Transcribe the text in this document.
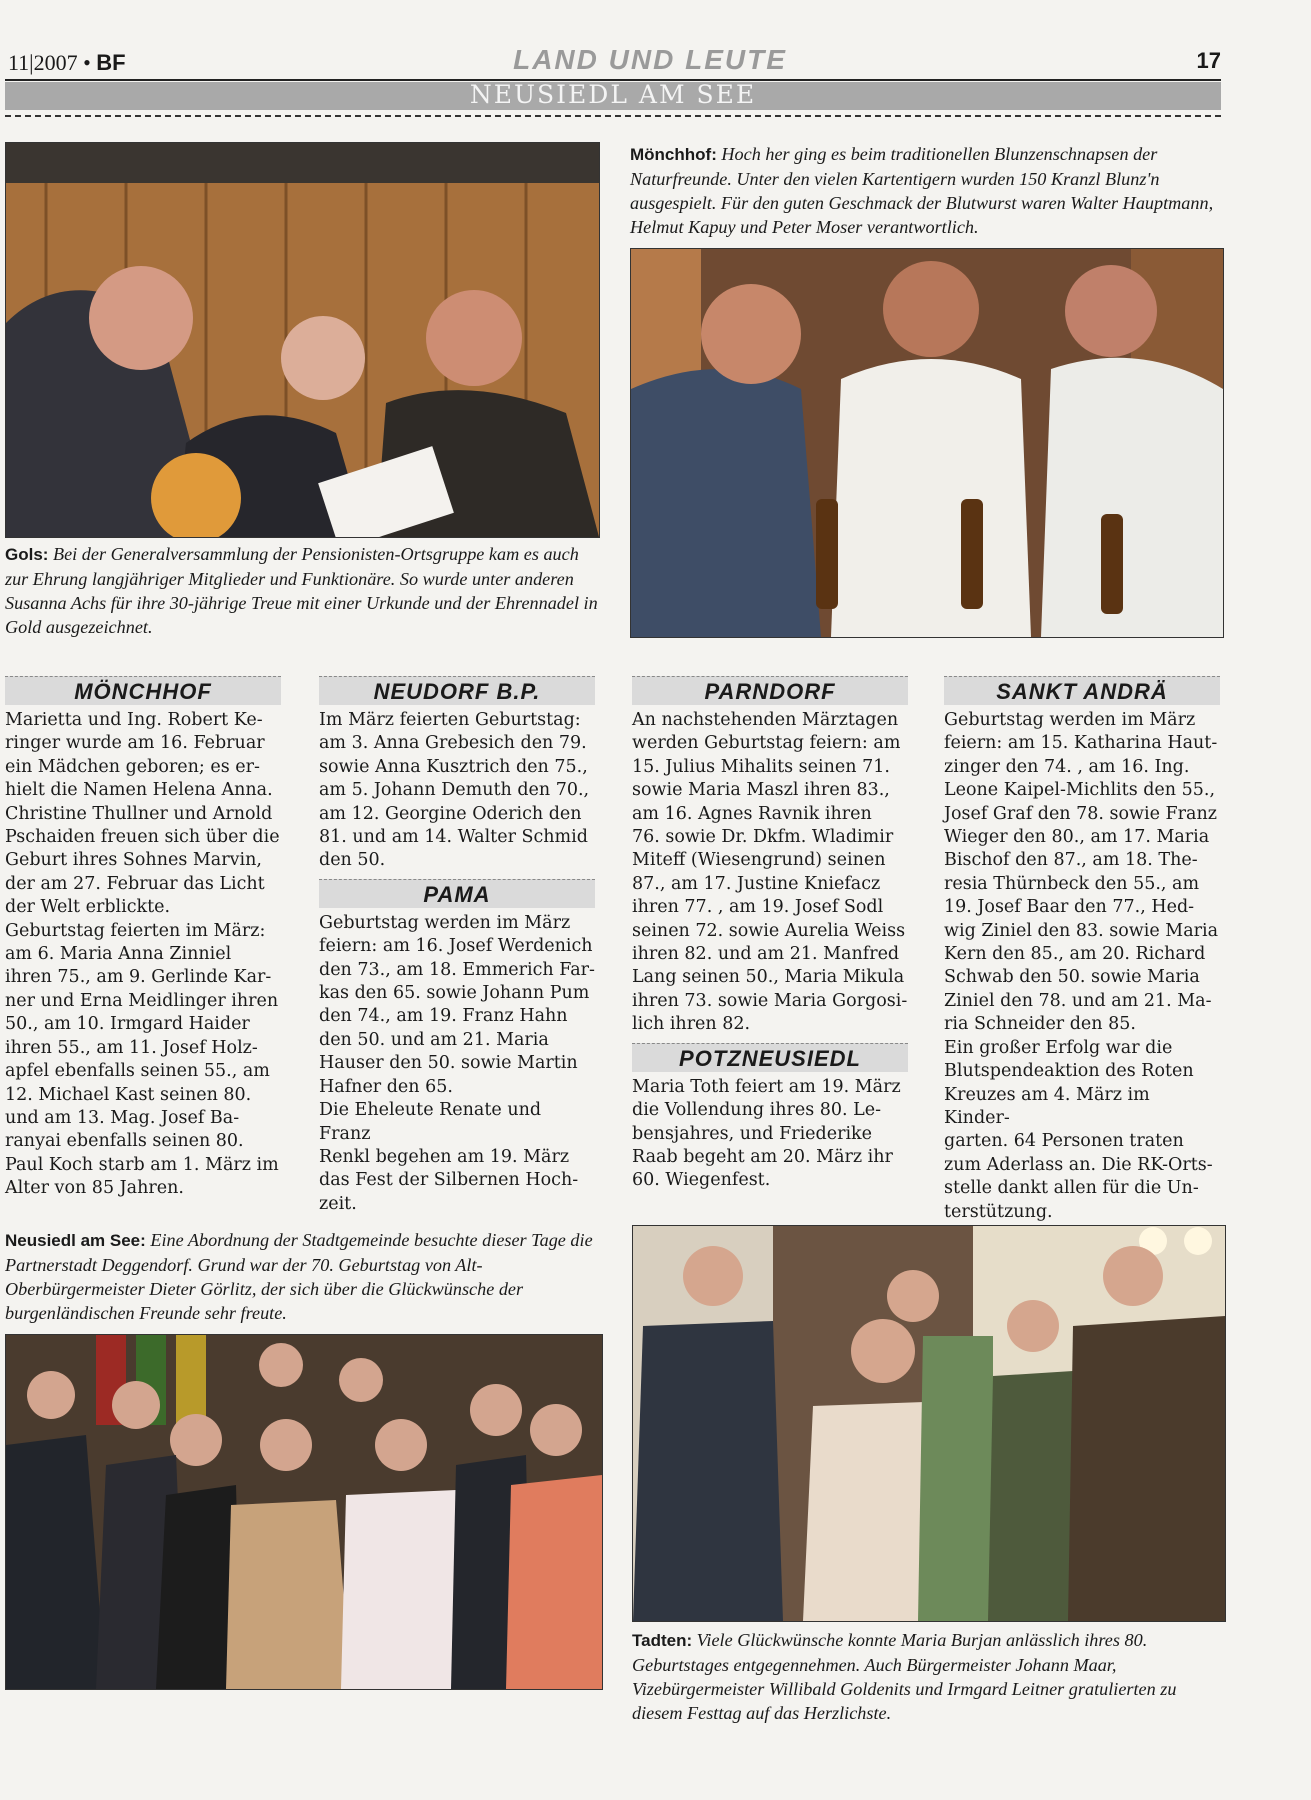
11|2007 • BF	LAND UND LEUTE	17
NEUSIEDL AM SEE
Gols: Bei der Generalversammlung der Pensionisten-Ortsgruppe kam es auch zur Ehrung langjähriger Mitglieder und Funktionäre. So wurde unter anderen Susanna Achs für ihre 30-jährige Treue mit einer Urkunde und der Ehrennadel in Gold ausgezeichnet.
Mönchhof: Hoch her ging es beim traditionellen Blunzenschnapsen der Naturfreunde. Unter den vielen Kartentigern wurden 150 Kranzl Blunz'n ausgespielt. Für den guten Geschmack der Blutwurst waren Walter Hauptmann, Helmut Kapuy und Peter Moser verantwortlich.
MÖNCHHOF
Marietta und Ing. Robert Ke-
ringer wurde am 16. Februar
ein Mädchen geboren; es er-
hielt die Namen Helena Anna.
Christine Thullner und Arnold
Pschaiden freuen sich über die
Geburt ihres Sohnes Marvin,
der am 27. Februar das Licht
der Welt erblickte.
Geburtstag feierten im März:
am 6. Maria Anna Zinniel
ihren 75., am 9. Gerlinde Kar-
ner und Erna Meidlinger ihren
50., am 10. Irmgard Haider
ihren 55., am 11. Josef Holz-
apfel ebenfalls seinen 55., am
12. Michael Kast seinen 80.
und am 13. Mag. Josef Ba-
ranyai ebenfalls seinen 80.
Paul Koch starb am 1. März im
Alter von 85 Jahren.
NEUDORF B.P.
Im März feierten Geburtstag:
am 3. Anna Grebesich den 79.
sowie Anna Kusztrich den 75.,
am 5. Johann Demuth den 70.,
am 12. Georgine Oderich den
81. und am 14. Walter Schmid
den 50.
PAMA
Geburtstag werden im März
feiern: am 16. Josef Werdenich
den 73., am 18. Emmerich Far-
kas den 65. sowie Johann Pum
den 74., am 19. Franz Hahn
den 50. und am 21. Maria
Hauser den 50. sowie Martin
Hafner den 65.
Die Eheleute Renate und Franz
Renkl begehen am 19. März
das Fest der Silbernen Hoch-
zeit.
PARNDORF
An nachstehenden Märztagen
werden Geburtstag feiern: am
15. Julius Mihalits seinen 71.
sowie Maria Maszl ihren 83.,
am 16. Agnes Ravnik ihren
76. sowie Dr. Dkfm. Wladimir
Miteff (Wiesengrund) seinen
87., am 17. Justine Kniefacz
ihren 77. , am 19. Josef Sodl
seinen 72. sowie Aurelia Weiss
ihren 82. und am 21. Manfred
Lang seinen 50., Maria Mikula
ihren 73. sowie Maria Gorgosi-
lich ihren 82.
POTZNEUSIEDL
Maria Toth feiert am 19. März
die Vollendung ihres 80. Le-
bensjahres, und Friederike
Raab begeht am 20. März ihr
60. Wiegenfest.
SANKT ANDRÄ
Geburtstag werden im März
feiern: am 15. Katharina Haut-
zinger den 74. , am 16. Ing.
Leone Kaipel-Michlits den 55.,
Josef Graf den 78. sowie Franz
Wieger den 80., am 17. Maria
Bischof den 87., am 18. The-
resia Thürnbeck den 55., am
19. Josef Baar den 77., Hed-
wig Ziniel den 83. sowie Maria
Kern den 85., am 20. Richard
Schwab den 50. sowie Maria
Ziniel den 78. und am 21. Ma-
ria Schneider den 85.
Ein großer Erfolg war die
Blutspendeaktion des Roten
Kreuzes am 4. März im Kinder-
garten. 64 Personen traten
zum Aderlass an. Die RK-Orts-
stelle dankt allen für die Un-
terstützung.
Neusiedl am See: Eine Abordnung der Stadtgemeinde besuchte dieser Tage die Partnerstadt Deggendorf. Grund war der 70. Geburtstag von Alt-Oberbürgermeister Dieter Görlitz, der sich über die Glückwünsche der burgenländischen Freunde sehr freute.
Tadten: Viele Glückwünsche konnte Maria Burjan anlässlich ihres 80. Geburtstages entgegennehmen. Auch Bürgermeister Johann Maar, Vizebürgermeister Willibald Goldenits und Irmgard Leitner gratulierten zu diesem Festtag auf das Herzlichste.
